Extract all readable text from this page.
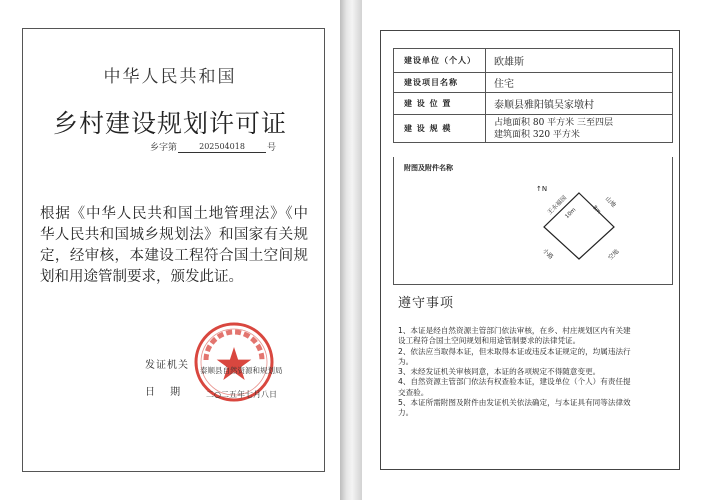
中华人民共和国
乡村建设规划许可证
乡字第	202504018	号
根据《中华人民共和国土地管理法》《中华人民共和国城乡规划法》和国家有关规定，经审核，本建设工程符合国土空间规划和用途管制要求，颁发此证。
发证机关
日 期
泰顺县自然资源和规划局
二○二五年七月八日
建设单位（个人）	欧雄斯
建设项目名称	住宅
建 设 位 置	泰顺县雅阳镇吴家墩村
建 设 规 模	占地面积 80 平方米 三至四层
建筑面积 320 平方米
附图及附件名称
↑N
王永福园	山地
小路	空地
10m	8m
遵守事项
1、本证是经自然资源主管部门依法审核，在乡、村庄规划区内有关建
设工程符合国土空间规划和用途管制要求的法律凭证。
2、依法应当取得本证，但未取得本证或违反本证规定的，均属违法行
为。
3、未经发证机关审核同意，本证的各项规定不得随意变更。
4、自然资源主管部门依法有权查验本证，建设单位（个人）有责任提
交查验。
5、本证所需附图及附件由发证机关依法确定，与本证具有同等法律效
力。
